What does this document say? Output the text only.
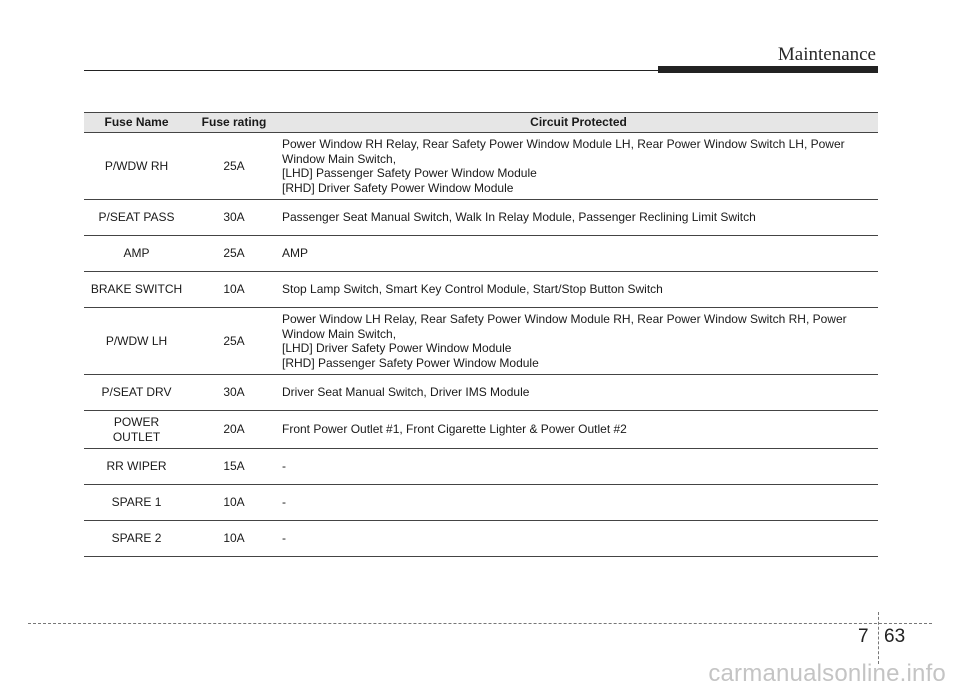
Maintenance
Fuse Name	Fuse rating	Circuit Protected
P/WDW RH	25A	Power Window RH Relay, Rear Safety Power Window Module LH, Rear Power Window Switch LH, Power Window Main Switch,
[LHD] Passenger Safety Power Window Module
[RHD] Driver Safety Power Window Module

P/SEAT PASS	30A	Passenger Seat Manual Switch, Walk In Relay Module, Passenger Reclining Limit Switch

AMP	25A	AMP

BRAKE SWITCH	10A	Stop Lamp Switch, Smart Key Control Module, Start/Stop Button Switch

P/WDW LH	25A	Power Window LH Relay, Rear Safety Power Window Module RH, Rear Power Window Switch RH, Power Window Main Switch,
[LHD] Driver Safety Power Window Module
[RHD] Passenger Safety Power Window Module

P/SEAT DRV	30A	Driver Seat Manual Switch, Driver IMS Module

POWER OUTLET	20A	Front Power Outlet #1, Front Cigarette Lighter & Power Outlet #2

RR WIPER	15A	-

SPARE 1	10A	-

SPARE 2	10A	-
7 63
carmanualsonline.info
